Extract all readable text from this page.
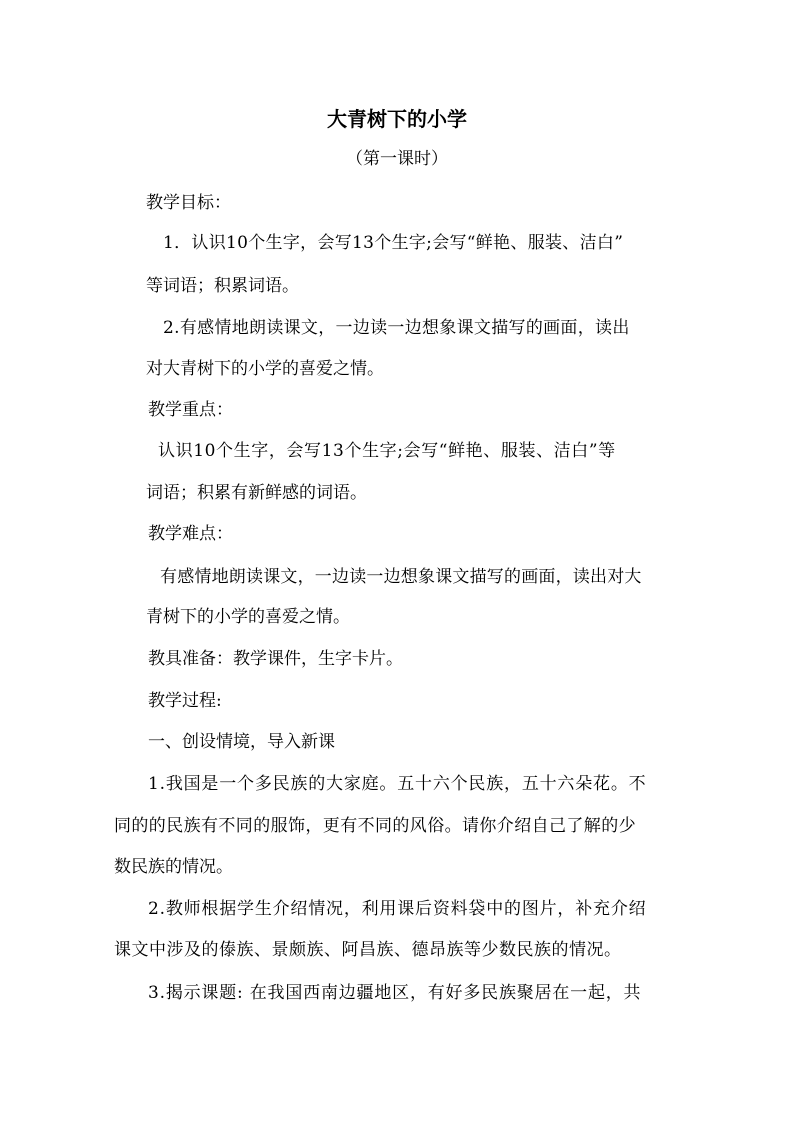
大青树下的小学
（第一课时）
教学目标：
1．认识10个生字，会写13个生字;会写“鲜艳、服装、洁白”
等词语；积累词语。
2.有感情地朗读课文，一边读一边想象课文描写的画面，读出
对大青树下的小学的喜爱之情。
教学重点：
认识10个生字，会写13个生字;会写“鲜艳、服装、洁白”等
词语；积累有新鲜感的词语。
教学难点：
有感情地朗读课文，一边读一边想象课文描写的画面，读出对大
青树下的小学的喜爱之情。
教具准备：教学课件，生字卡片。
教学过程:
一、创设情境，导入新课
1.我国是一个多民族的大家庭。五十六个民族，五十六朵花。不
同的的民族有不同的服饰，更有不同的风俗。请你介绍自己了解的少
数民族的情况。
2.教师根据学生介绍情况，利用课后资料袋中的图片，补充介绍
课文中涉及的傣族、景颇族、阿昌族、德昂族等少数民族的情况。
3.揭示课题: 在我国西南边疆地区，有好多民族聚居在一起，共
